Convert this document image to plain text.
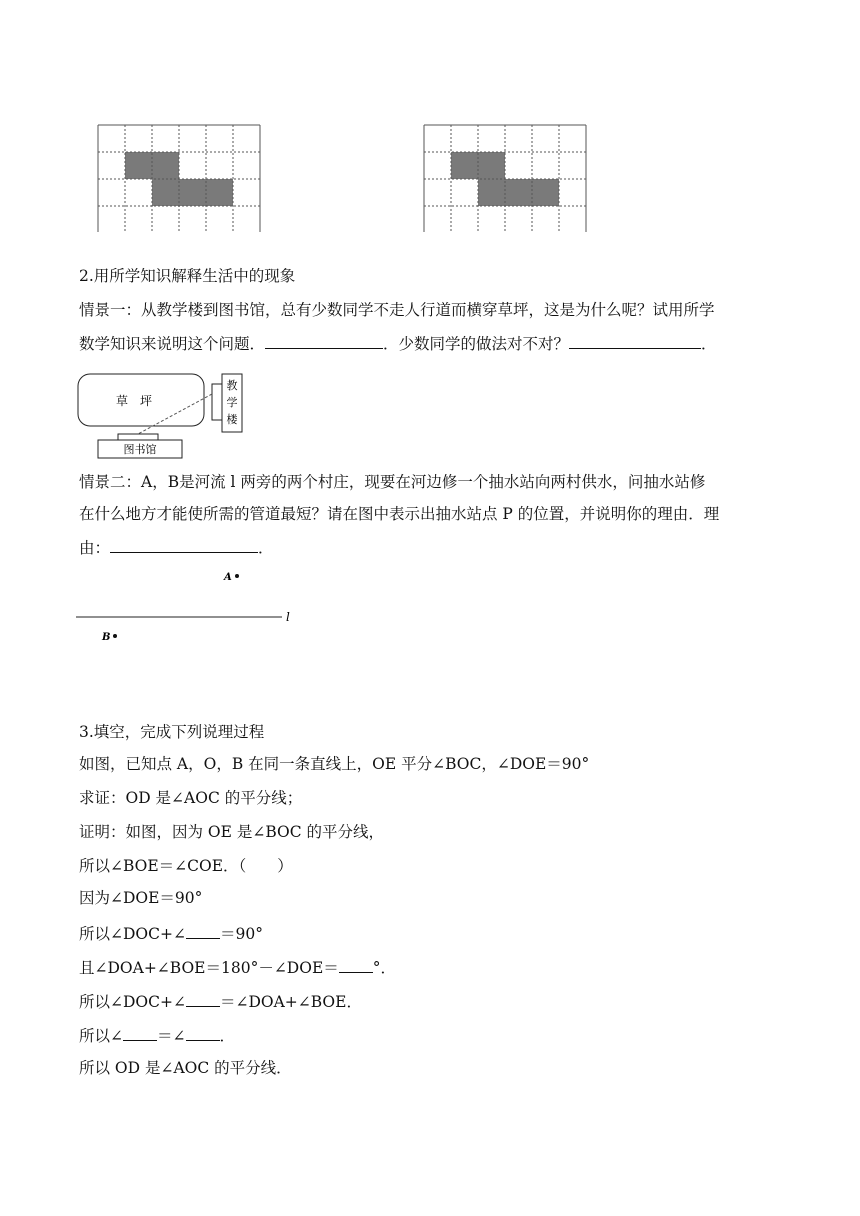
2.用所学知识解释生活中的现象
情景一：从教学楼到图书馆，总有少数同学不走人行道而横穿草坪，这是为什么呢？试用所学
数学知识来说明这个问题．	．少数同学的做法对不对？	．
草　坪
教
学
楼
图书馆
情景二：A，B是河流 l 两旁的两个村庄，现要在河边修一个抽水站向两村供水，问抽水站修
在什么地方才能使所需的管道最短？请在图中表示出抽水站点 P 的位置，并说明你的理由．理
由：	．
A
l
B
3.填空，完成下列说理过程
如图，已知点 A，O，B 在同一条直线上，OE 平分∠BOC，∠DOE＝90°
求证：OD 是∠AOC 的平分线；
证明：如图，因为 OE 是∠BOC 的平分线，
所以∠BOE＝∠COE．（　　）
因为∠DOE＝90°
所以∠DOC+∠ ＝90°
且∠DOA+∠BOE＝180°－∠DOE＝ °．
所以∠DOC+∠ ＝∠DOA+∠BOE．
所以∠ ＝∠ ．
所以 OD 是∠AOC 的平分线．
